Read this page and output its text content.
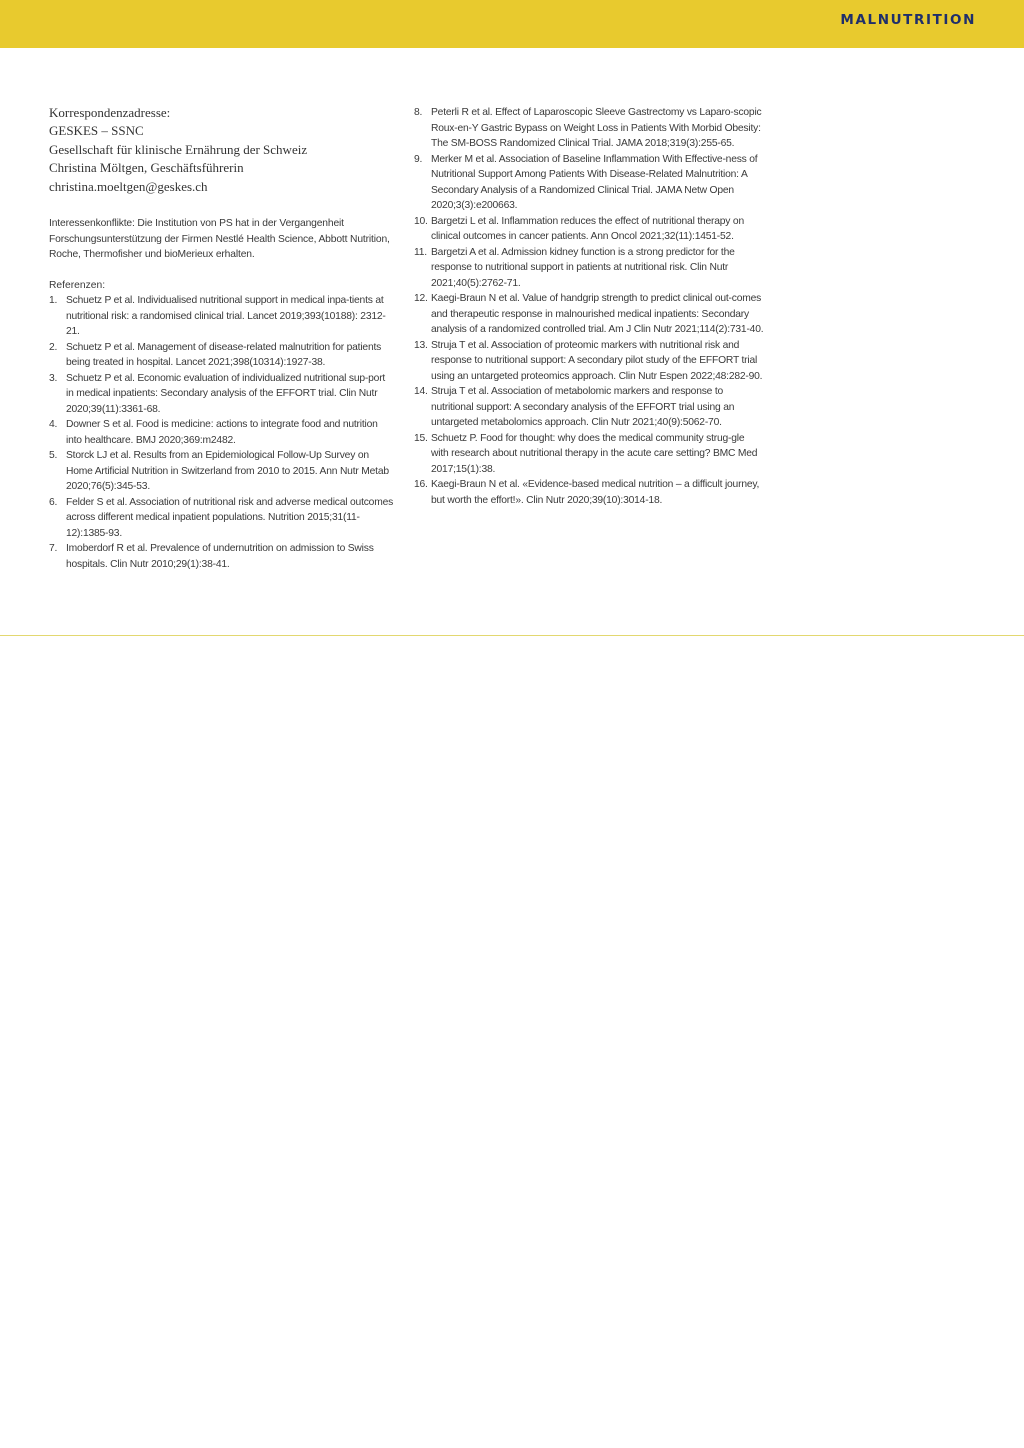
MALNUTRITION
Korrespondenzadresse:
GESKES – SSNC
Gesellschaft für klinische Ernährung der Schweiz
Christina Möltgen, Geschäftsführerin
christina.moeltgen@geskes.ch
Interessenkonflikte: Die Institution von PS hat in der Vergangenheit Forschungsunterstützung der Firmen Nestlé Health Science, Abbott Nutrition, Roche, Thermofisher und bioMerieux erhalten.
Referenzen:
1. Schuetz P et al. Individualised nutritional support in medical inpa-tients at nutritional risk: a randomised clinical trial. Lancet 2019;393(10188): 2312-21.
2. Schuetz P et al. Management of disease-related malnutrition for patients being treated in hospital. Lancet 2021;398(10314):1927-38.
3. Schuetz P et al. Economic evaluation of individualized nutritional sup-port in medical inpatients: Secondary analysis of the EFFORT trial. Clin Nutr 2020;39(11):3361-68.
4. Downer S et al. Food is medicine: actions to integrate food and nutrition into healthcare. BMJ 2020;369:m2482.
5. Storck LJ et al. Results from an Epidemiological Follow-Up Survey on Home Artificial Nutrition in Switzerland from 2010 to 2015. Ann Nutr Metab 2020;76(5):345-53.
6. Felder S et al. Association of nutritional risk and adverse medical outcomes across different medical inpatient populations. Nutrition 2015;31(11-12):1385-93.
7. Imoberdorf R et al. Prevalence of undernutrition on admission to Swiss hospitals. Clin Nutr 2010;29(1):38-41.
8. Peterli R et al. Effect of Laparoscopic Sleeve Gastrectomy vs Laparo-scopic Roux-en-Y Gastric Bypass on Weight Loss in Patients With Morbid Obesity: The SM-BOSS Randomized Clinical Trial. JAMA 2018;319(3):255-65.
9. Merker M et al. Association of Baseline Inflammation With Effective-ness of Nutritional Support Among Patients With Disease-Related Malnutrition: A Secondary Analysis of a Randomized Clinical Trial. JAMA Netw Open 2020;3(3):e200663.
10. Bargetzi L et al. Inflammation reduces the effect of nutritional therapy on clinical outcomes in cancer patients. Ann Oncol 2021;32(11):1451-52.
11. Bargetzi A et al. Admission kidney function is a strong predictor for the response to nutritional support in patients at nutritional risk. Clin Nutr 2021;40(5):2762-71.
12. Kaegi-Braun N et al. Value of handgrip strength to predict clinical out-comes and therapeutic response in malnourished medical inpatients: Secondary analysis of a randomized controlled trial. Am J Clin Nutr 2021;114(2):731-40.
13. Struja T et al. Association of proteomic markers with nutritional risk and response to nutritional support: A secondary pilot study of the EFFORT trial using an untargeted proteomics approach. Clin Nutr Espen 2022;48:282-90.
14. Struja T et al. Association of metabolomic markers and response to nutritional support: A secondary analysis of the EFFORT trial using an untargeted metabolomics approach. Clin Nutr 2021;40(9):5062-70.
15. Schuetz P. Food for thought: why does the medical community strug-gle with research about nutritional therapy in the acute care setting? BMC Med 2017;15(1):38.
16. Kaegi-Braun N et al. «Evidence-based medical nutrition – a difficult journey, but worth the effort!». Clin Nutr 2020;39(10):3014-18.
